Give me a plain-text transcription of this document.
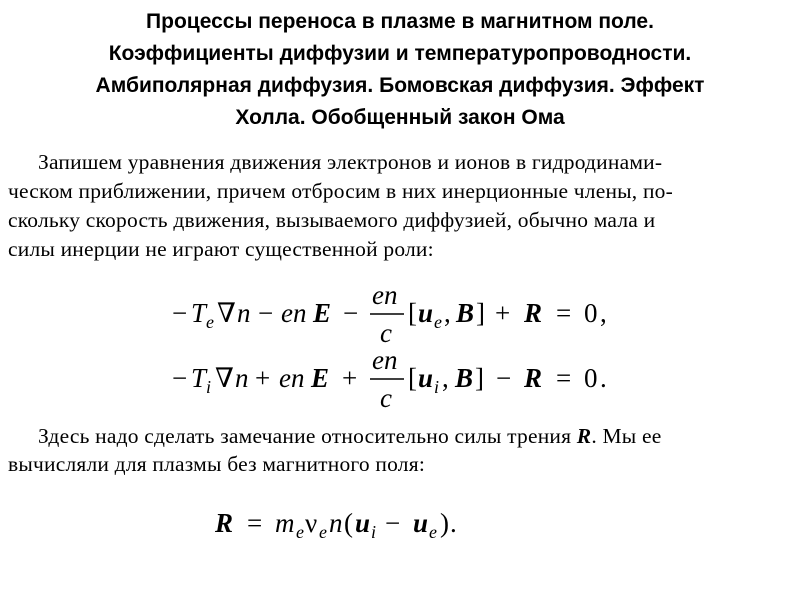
Процессы переноса в плазме в магнитном поле.
Коэффициенты диффузии и температуропроводности.
Амбиполярная диффузия. Бомовская диффузия. Эффект
Холла. Обобщенный закон Ома
Запишем уравнения движения электронов и ионов в гидродинами-
ческом приближении, причем отбросим в них инерционные члены, по-
скольку скорость движения, вызываемого диффузией, обычно мала и
силы инерции не играют существенной роли:
Здесь надо сделать замечание относительно силы трения R. Мы ее
вычисляли для плазмы без магнитного поля:
− T e ∇ n − en E −
en
c
[ u e , B ] + R = 0 ,
− T i ∇ n + en E +
en
c
[ u i , B ] − R = 0 .
R = m e ν e n ( u i − u e ) .
